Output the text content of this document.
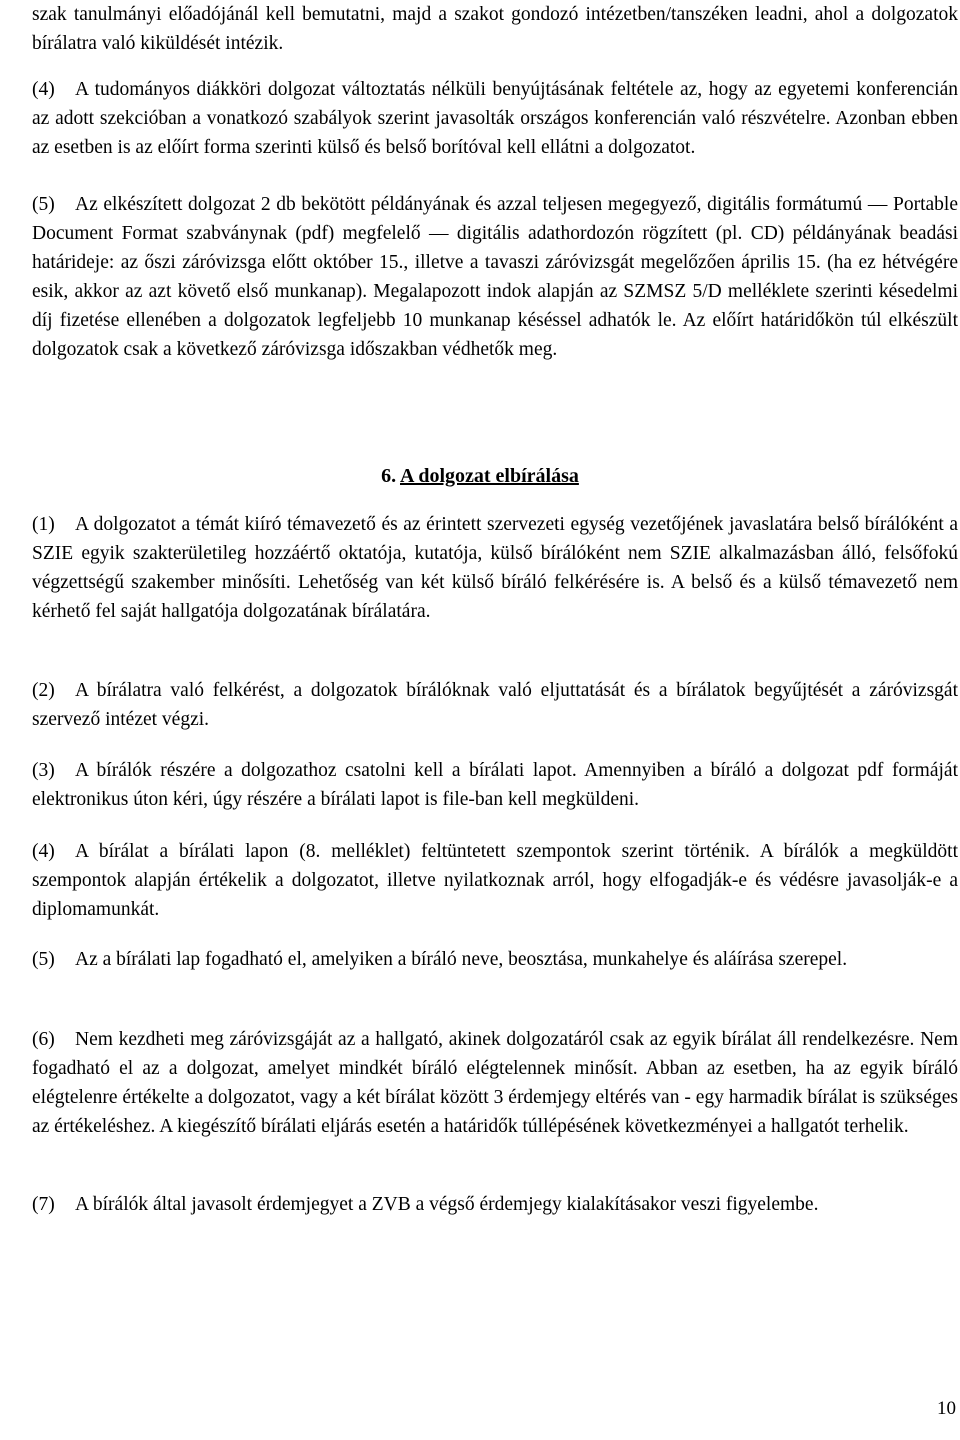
szak tanulmányi előadójánál kell bemutatni, majd a szakot gondozó intézetben/tanszéken leadni, ahol a dolgozatok bírálatra való kiküldését intézik.

(4) A tudományos diákköri dolgozat változtatás nélküli benyújtásának feltétele az, hogy az egyetemi konferencián az adott szekcióban a vonatkozó szabályok szerint javasolták országos konferencián való részvételre. Azonban ebben az esetben is az előírt forma szerinti külső és belső borítóval kell ellátni a dolgozatot.

(5) Az elkészített dolgozat 2 db bekötött példányának és azzal teljesen megegyező, digitális formátumú — Portable Document Format szabványnak (pdf) megfelelő — digitális adathordozón rögzített (pl. CD) példányának beadási határideje: az őszi záróvizsga előtt október 15., illetve a tavaszi záróvizsgát megelőzően április 15. (ha ez hétvégére esik, akkor az azt követő első munkanap). Megalapozott indok alapján az SZMSZ 5/D melléklete szerinti késedelmi díj fizetése ellenében a dolgozatok legfeljebb 10 munkanap késéssel adhatók le. Az előírt határidőkön túl elkészült dolgozatok csak a következő záróvizsga időszakban védhetők meg.

6. A dolgozat elbírálása

(1) A dolgozatot a témát kiíró témavezető és az érintett szervezeti egység vezetőjének javaslatára belső bírálóként a SZIE egyik szakterületileg hozzáértő oktatója, kutatója, külső bírálóként nem SZIE alkalmazásban álló, felsőfokú végzettségű szakember minősíti. Lehetőség van két külső bíráló felkérésére is. A belső és a külső témavezető nem kérhető fel saját hallgatója dolgozatának bírálatára.

(2) A bírálatra való felkérést, a dolgozatok bírálóknak való eljuttatását és a bírálatok begyűjtését a záróvizsgát szervező intézet végzi.

(3) A bírálók részére a dolgozathoz csatolni kell a bírálati lapot. Amennyiben a bíráló a dolgozat pdf formáját elektronikus úton kéri, úgy részére a bírálati lapot is file-ban kell megküldeni.

(4) A bírálat a bírálati lapon (8. melléklet) feltüntetett szempontok szerint történik. A bírálók a megküldött szempontok alapján értékelik a dolgozatot, illetve nyilatkoznak arról, hogy elfogadják-e és védésre javasolják-e a diplomamunkát.

(5) Az a bírálati lap fogadható el, amelyiken a bíráló neve, beosztása, munkahelye és aláírása szerepel.

(6) Nem kezdheti meg záróvizsgáját az a hallgató, akinek dolgozatáról csak az egyik bírálat áll rendelkezésre. Nem fogadható el az a dolgozat, amelyet mindkét bíráló elégtelennek minősít. Abban az esetben, ha az egyik bíráló elégtelenre értékelte a dolgozatot, vagy a két bírálat között 3 érdemjegy eltérés van - egy harmadik bírálat is szükséges az értékeléshez. A kiegészítő bírálati eljárás esetén a határidők túllépésének következményei a hallgatót terhelik.

(7) A bírálók által javasolt érdemjegyet a ZVB a végső érdemjegy kialakításakor veszi figyelembe.

10
